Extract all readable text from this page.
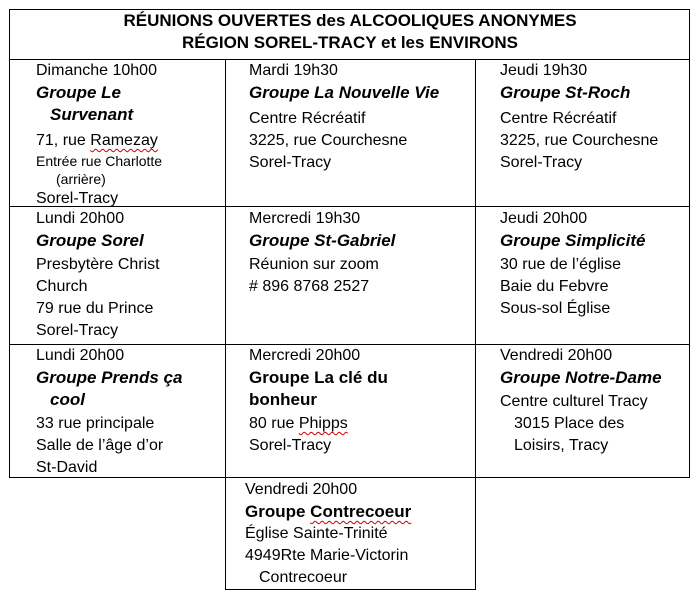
RÉUNIONS OUVERTES des ALCOOLIQUES ANONYMES
RÉGION SOREL-TRACY et les ENVIRONS
Dimanche 10h00
Groupe Le
Survenant
71, rue Ramezay
Entrée rue Charlotte
(arrière)
Sorel-Tracy
Mardi 19h30
Groupe La Nouvelle Vie
Centre Récréatif
3225, rue Courchesne
Sorel-Tracy
Jeudi 19h30
Groupe St-Roch
Centre Récréatif
3225, rue Courchesne
Sorel-Tracy
Lundi 20h00
Groupe Sorel
Presbytère Christ
Church
79 rue du Prince
Sorel-Tracy
Mercredi 19h30
Groupe St-Gabriel
Réunion sur zoom
# 896 8768 2527
Jeudi 20h00
Groupe Simplicité
30 rue de l’église
Baie du Febvre
Sous-sol Église
Lundi 20h00
Groupe Prends ça
cool
33 rue principale
Salle de l’âge d’or
St-David
Mercredi 20h00
Groupe La clé du
bonheur
80 rue Phipps
Sorel-Tracy
Vendredi 20h00
Groupe Notre-Dame
Centre culturel Tracy
3015 Place des
Loisirs, Tracy
Vendredi 20h00
Groupe Contrecoeur
Église Sainte-Trinité
4949Rte Marie-Victorin
Contrecoeur
